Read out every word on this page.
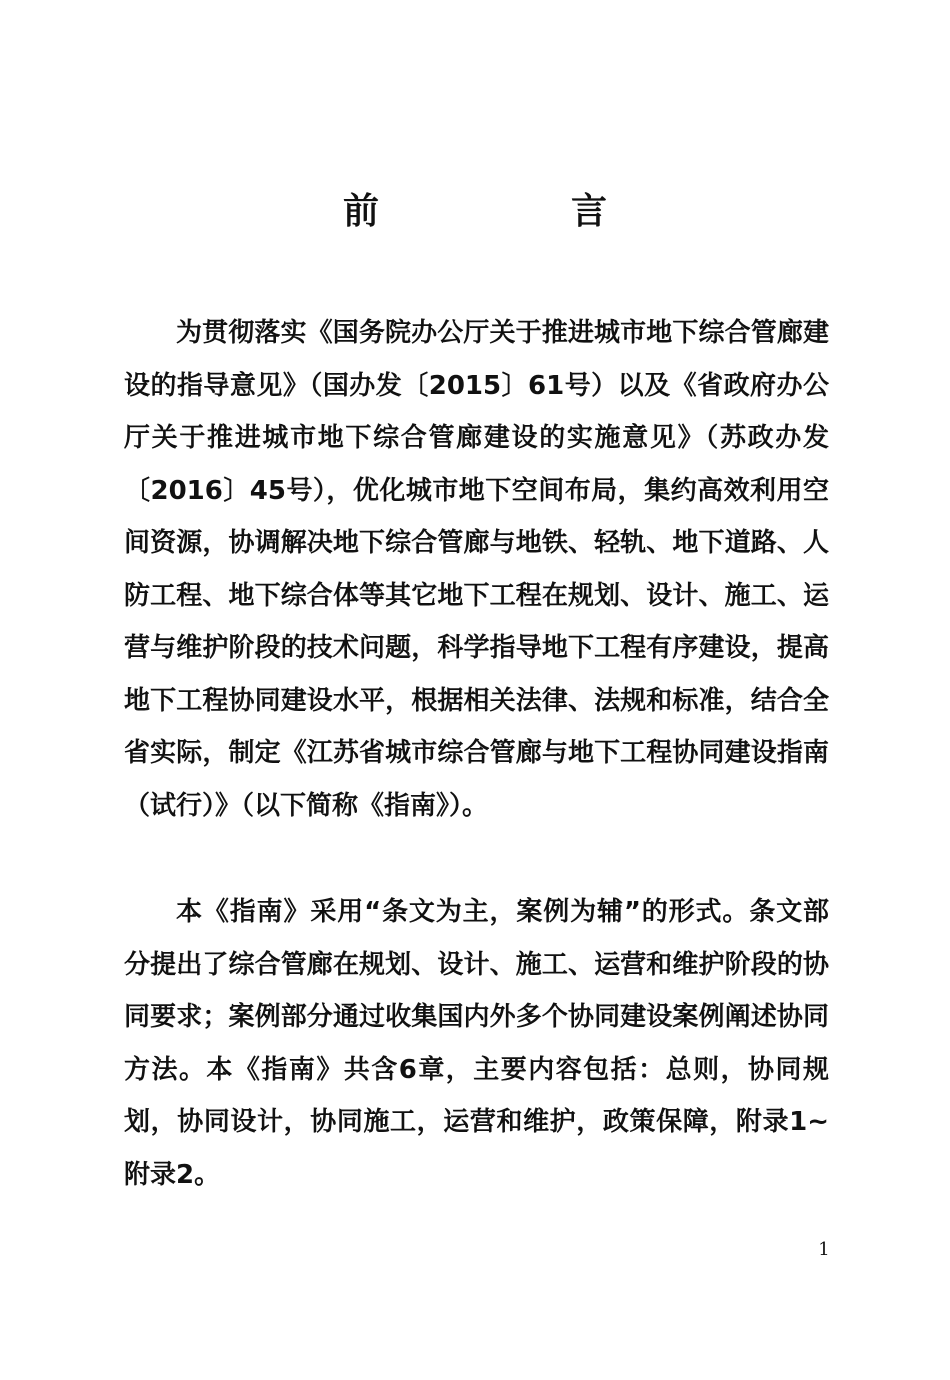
前　言

为贯彻落实《国务院办公厅关于推进城市地下综合管廊建设的指导意见》（国办发〔2015〕61号）以及《省政府办公厅关于推进城市地下综合管廊建设的实施意见》（苏政办发〔2016〕45号），优化城市地下空间布局，集约高效利用空间资源，协调解决地下综合管廊与地铁、轻轨、地下道路、人防工程、地下综合体等其它地下工程在规划、设计、施工、运营与维护阶段的技术问题，科学指导地下工程有序建设，提高地下工程协同建设水平，根据相关法律、法规和标准，结合全省实际，制定《江苏省城市综合管廊与地下工程协同建设指南（试行）》（以下简称《指南》）。

本《指南》采用“条文为主，案例为辅”的形式。条文部分提出了综合管廊在规划、设计、施工、运营和维护阶段的协同要求；案例部分通过收集国内外多个协同建设案例阐述协同方法。本《指南》共含6章，主要内容包括：总则，协同规划，协同设计，协同施工，运营和维护，政策保障，附录1~附录2。

1
